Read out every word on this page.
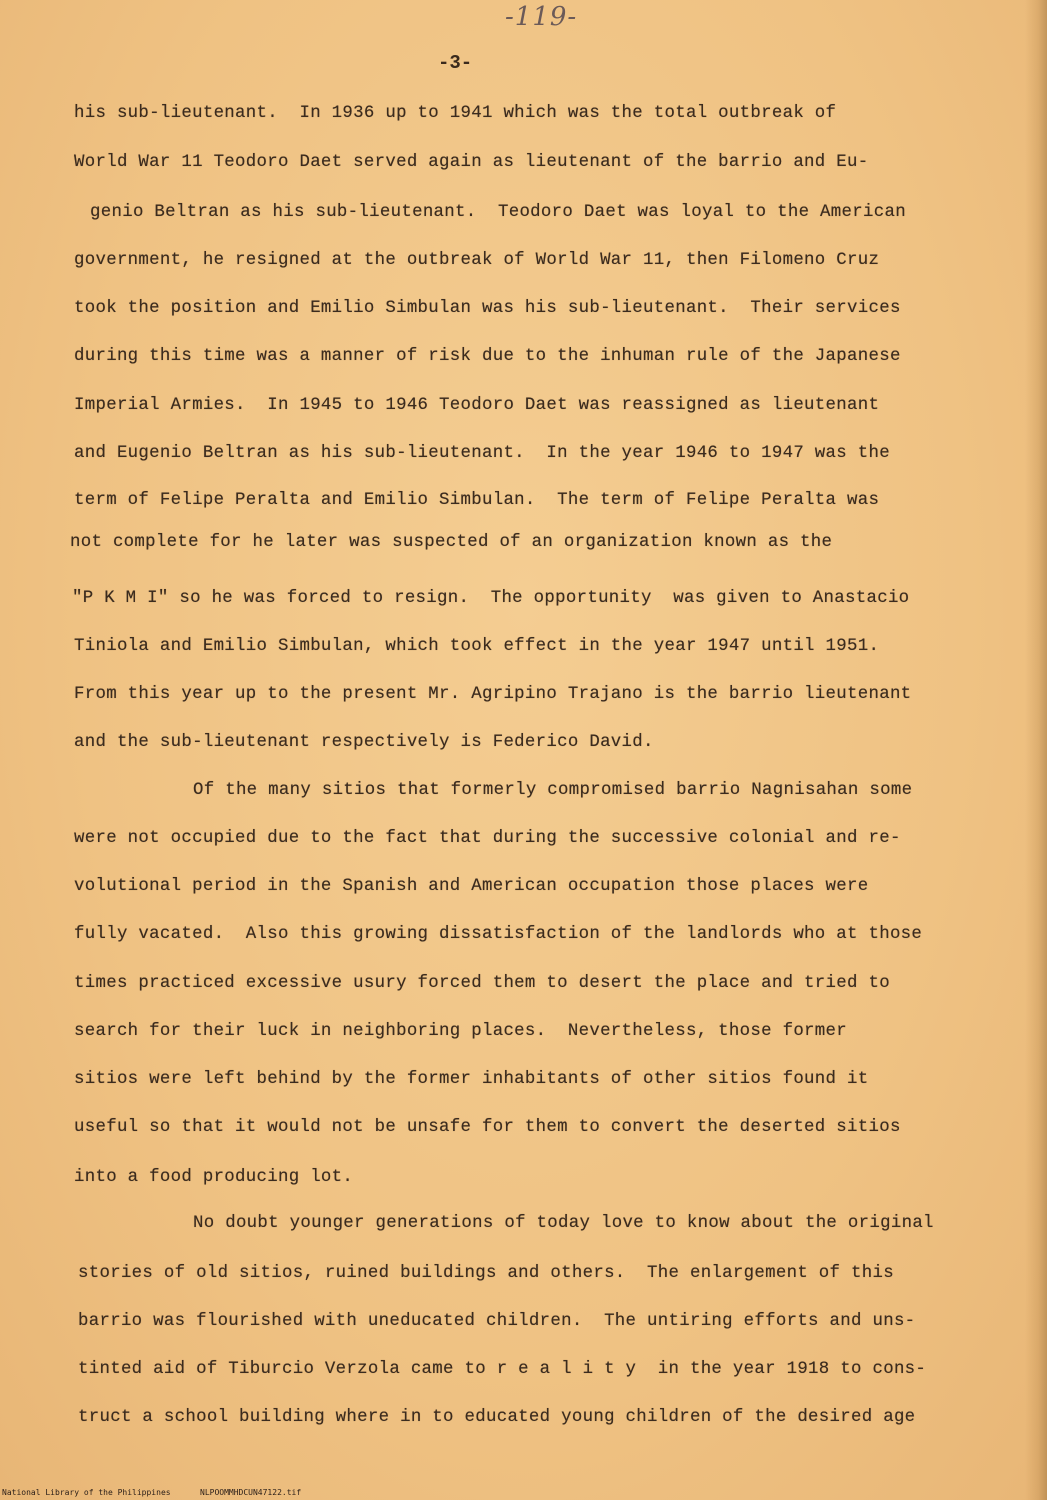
-119-
-3-
his sub-lieutenant.  In 1936 up to 1941 which was the total outbreak of
World War 11 Teodoro Daet served again as lieutenant of the barrio and Eu-
genio Beltran as his sub-lieutenant.  Teodoro Daet was loyal to the American
government, he resigned at the outbreak of World War 11, then Filomeno Cruz
took the position and Emilio Simbulan was his sub-lieutenant.  Their services
during this time was a manner of risk due to the inhuman rule of the Japanese
Imperial Armies.  In 1945 to 1946 Teodoro Daet was reassigned as lieutenant
and Eugenio Beltran as his sub-lieutenant.  In the year 1946 to 1947 was the
term of Felipe Peralta and Emilio Simbulan.  The term of Felipe Peralta was
not complete for he later was suspected of an organization known as the
"P K M I" so he was forced to resign.  The opportunity  was given to Anastacio
Tiniola and Emilio Simbulan, which took effect in the year 1947 until 1951.
From this year up to the present Mr. Agripino Trajano is the barrio lieutenant
and the sub-lieutenant respectively is Federico David.
Of the many sitios that formerly compromised barrio Nagnisahan some
were not occupied due to the fact that during the successive colonial and re-
volutional period in the Spanish and American occupation those places were
fully vacated.  Also this growing dissatisfaction of the landlords who at those
times practiced excessive usury forced them to desert the place and tried to
search for their luck in neighboring places.  Nevertheless, those former
sitios were left behind by the former inhabitants of other sitios found it
useful so that it would not be unsafe for them to convert the deserted sitios
into a food producing lot.
No doubt younger generations of today love to know about the original
stories of old sitios, ruined buildings and others.  The enlargement of this
barrio was flourished with uneducated children.  The untiring efforts and uns-
tinted aid of Tiburcio Verzola came to r e a l i t y  in the year 1918 to cons-
truct a school building where in to educated young children of the desired age
National Library of the Philippines	NLPOOMMHDCUN47122.tif
